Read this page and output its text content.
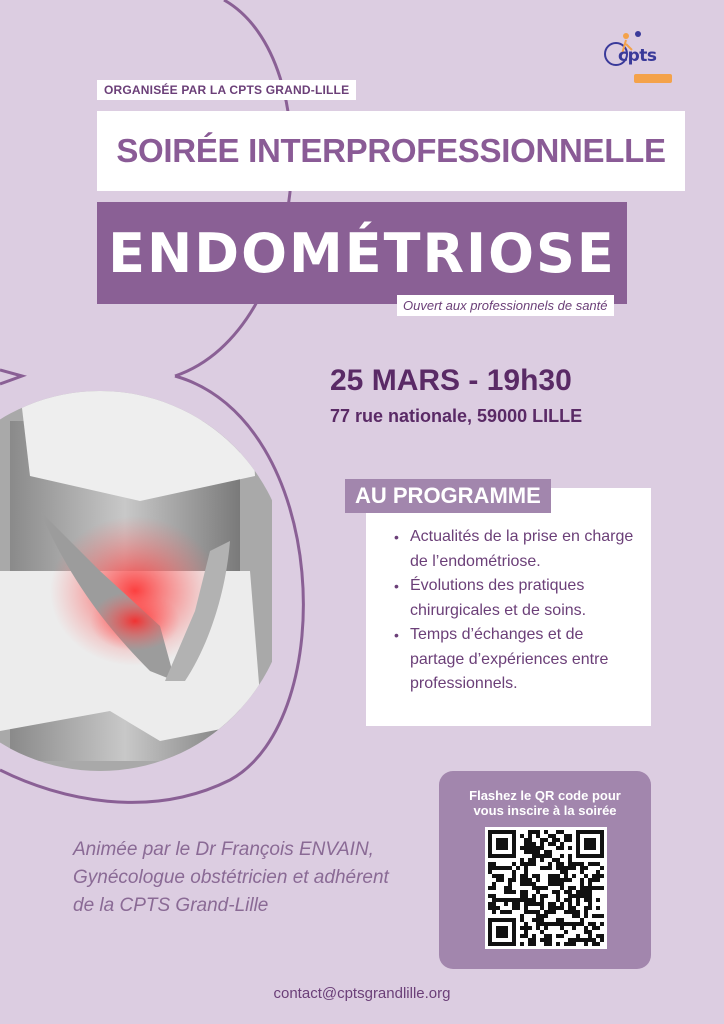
cpts
ORGANISÉE PAR LA CPTS GRAND-LILLE
SOIRÉE INTERPROFESSIONNELLE
ENDOMÉTRIOSE
Ouvert aux professionnels de santé
25 MARS - 19h30
77 rue nationale, 59000 LILLE
AU PROGRAMME
• Actualités de la prise en charge de l’endométriose.
• Évolutions des pratiques chirurgicales et de soins.
• Temps d’échanges et de partage d’expériences entre professionnels.
Animée par le Dr François ENVAIN, Gynécologue obstétricien et adhérent de la CPTS Grand-Lille
Flashez le QR code pour
vous inscire à la soirée
contact@cptsgrandlille.org
